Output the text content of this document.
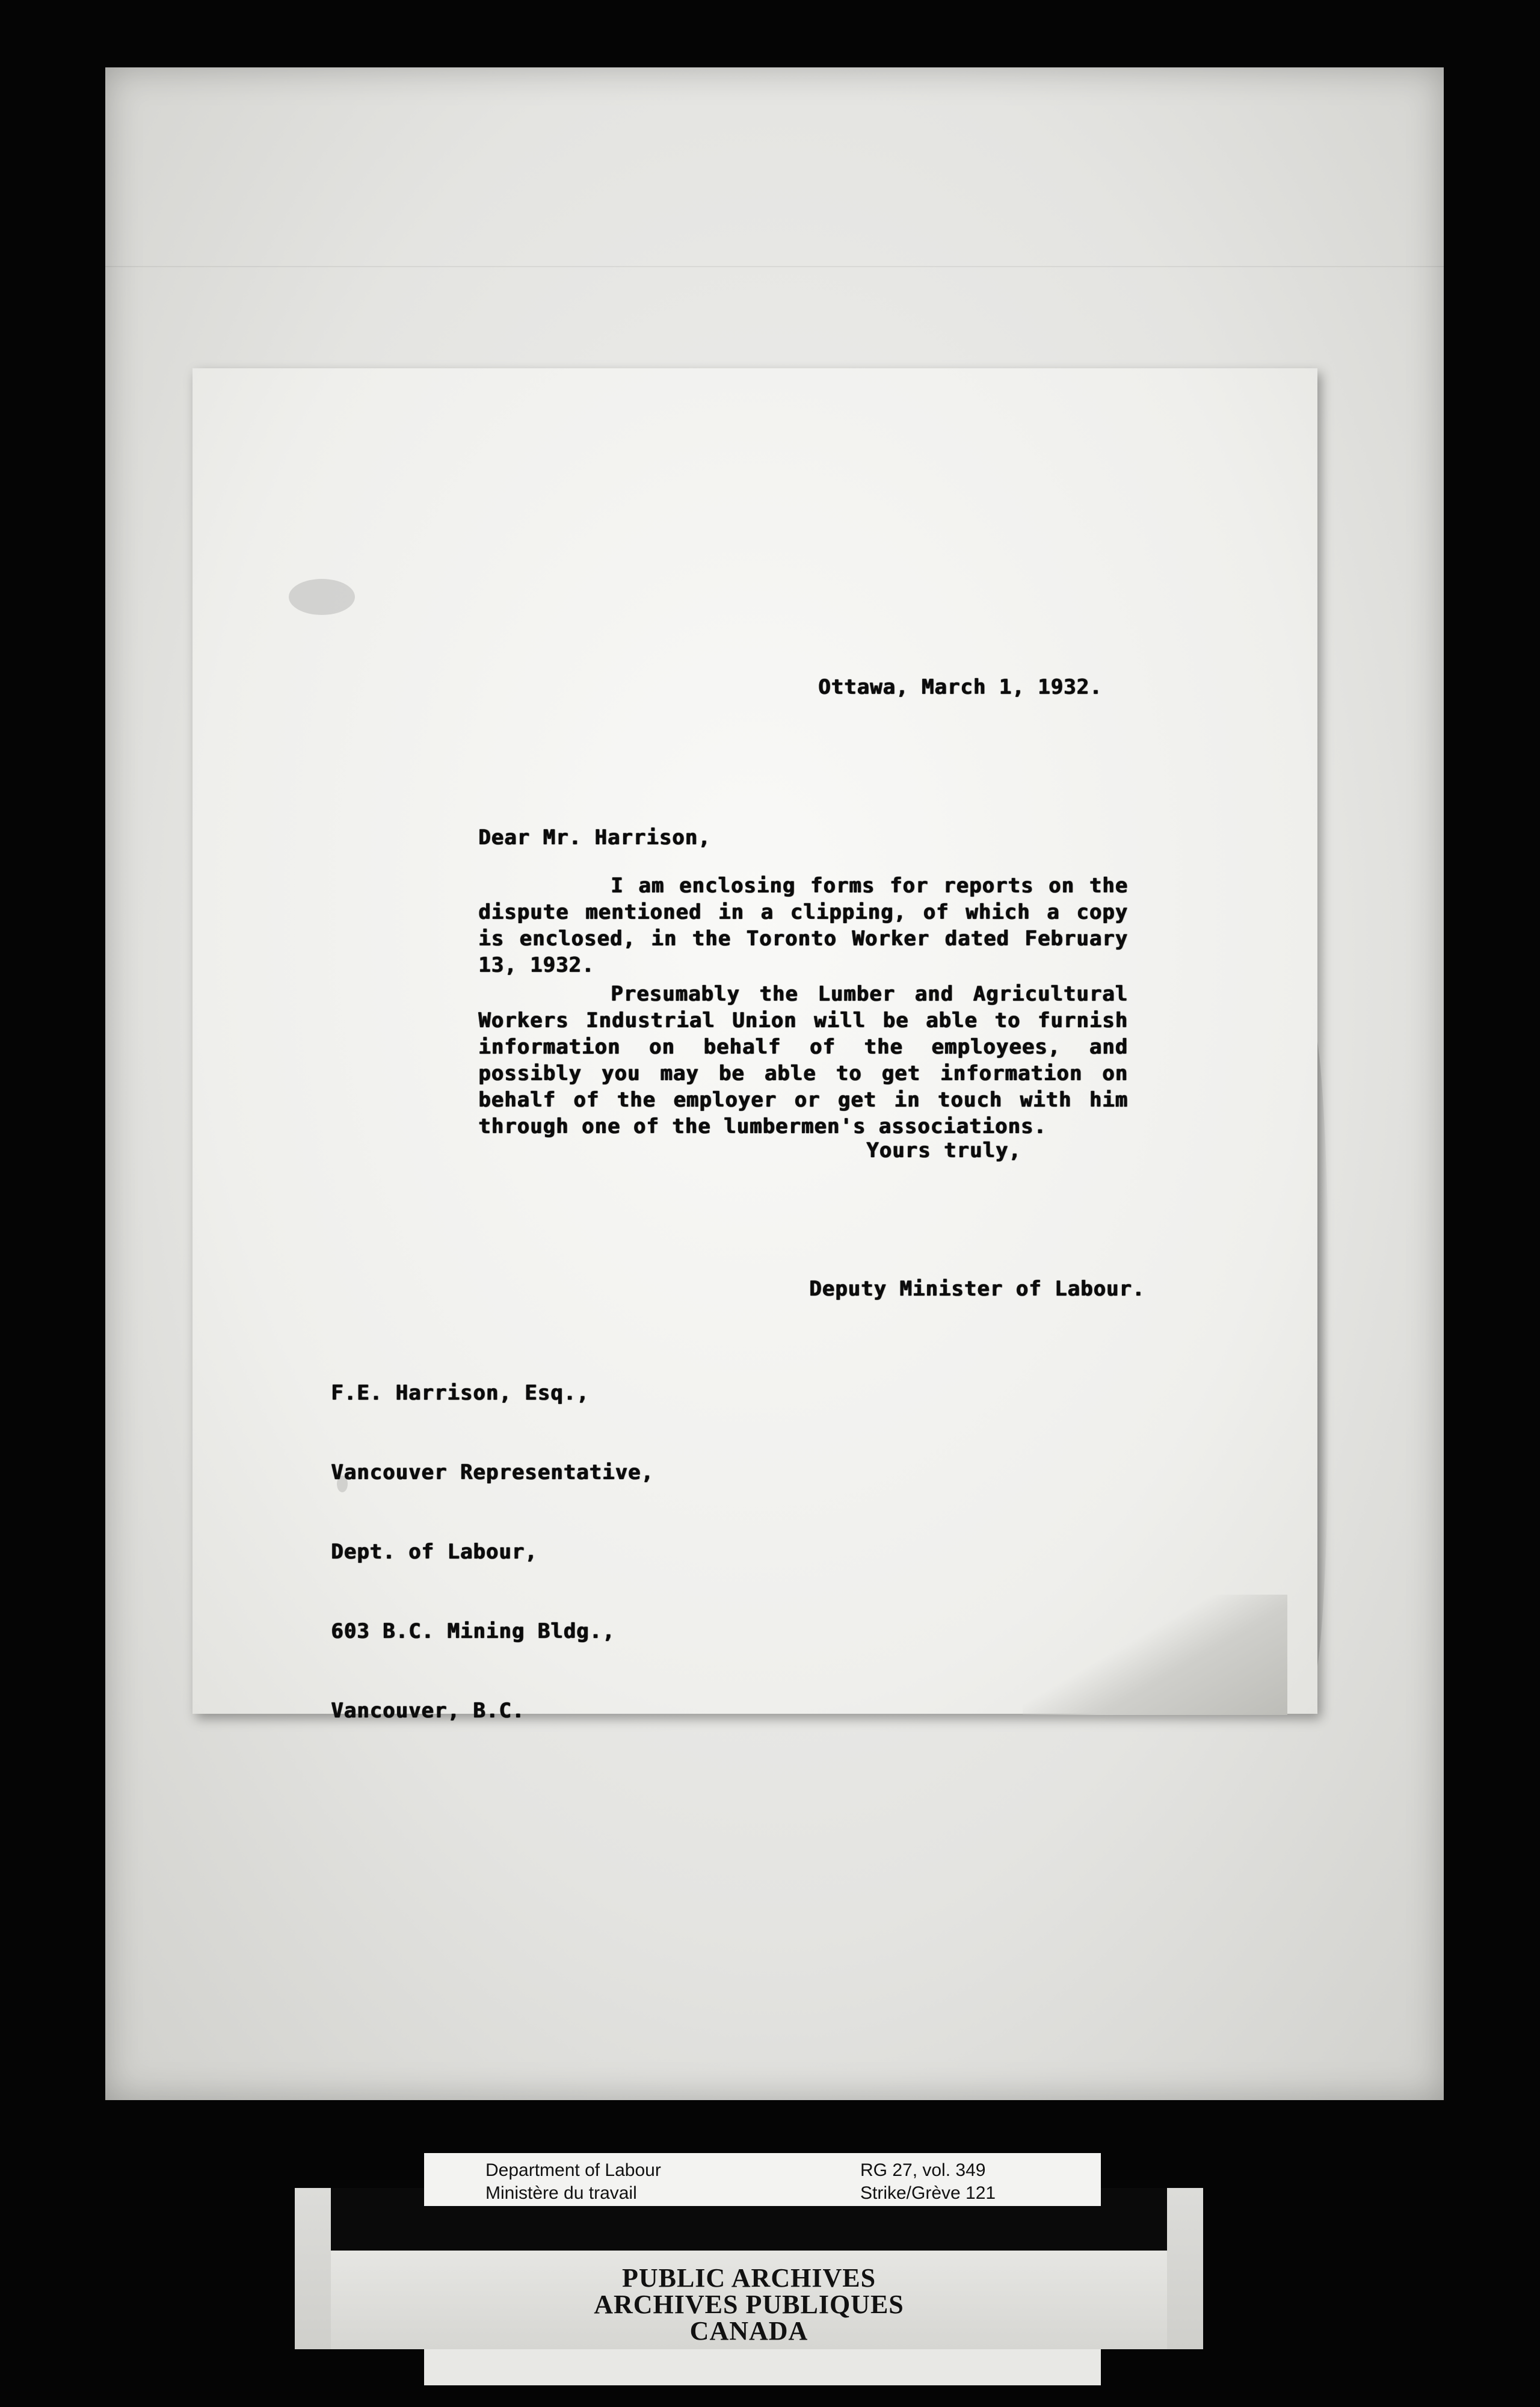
Ottawa, March 1, 1932.
Dear Mr. Harrison,
I am enclosing forms for reports on the dispute mentioned in a clipping, of which a copy is enclosed, in the Toronto Worker dated February 13, 1932.
Presumably the Lumber and Agricultural Workers Industrial Union will be able to furnish information on behalf of the employees, and possibly you may be able to get information on behalf of the employer or get in touch with him through one of the lumbermen's associations.
Yours truly,
Deputy Minister of Labour.

F.E. Harrison, Esq.,

Vancouver Representative,

Dept. of Labour,

603 B.C. Mining Bldg.,

Vancouver, B.C.

PUBLIC ARCHIVES
ARCHIVES PUBLIQUES
CANADA
Department of Labour
Ministère du travail
RG 27, vol. 349
Strike/Grève 121
